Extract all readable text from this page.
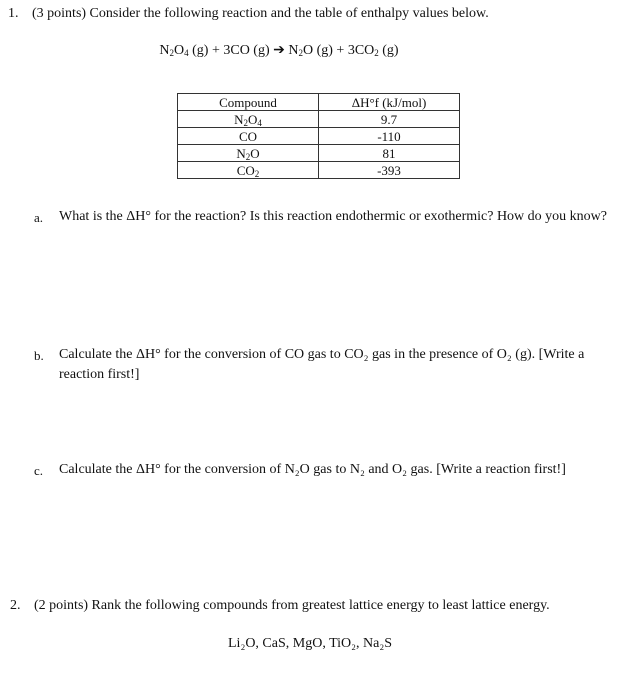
1. (3 points) Consider the following reaction and the table of enthalpy values below.
$N_2O_4$ (g) + 3CO (g) ➔ $N_2O$ $(g) + 3CO_2$ (g)
Compound	ΔH°f (kJ/mol)
$N_2O_4$	9.7
CO	-110
$N_2O$	81
$CO_2$	-393
a. What is the ΔH° for the reaction? Is this reaction endothermic or exothermic? How do you know?
b. Calculate the ΔH° for the conversion of CO gas to CO₂ gas in the presence of O₂ (g). [Write a reaction first!]
c. Calculate the ΔH° for the conversion of N₂O gas to N₂ and O₂ gas. [Write a reaction first!]
2. (2 points) Rank the following compounds from greatest lattice energy to least lattice energy.
Li₂O, CaS, MgO, TiO₂, Na₂S
